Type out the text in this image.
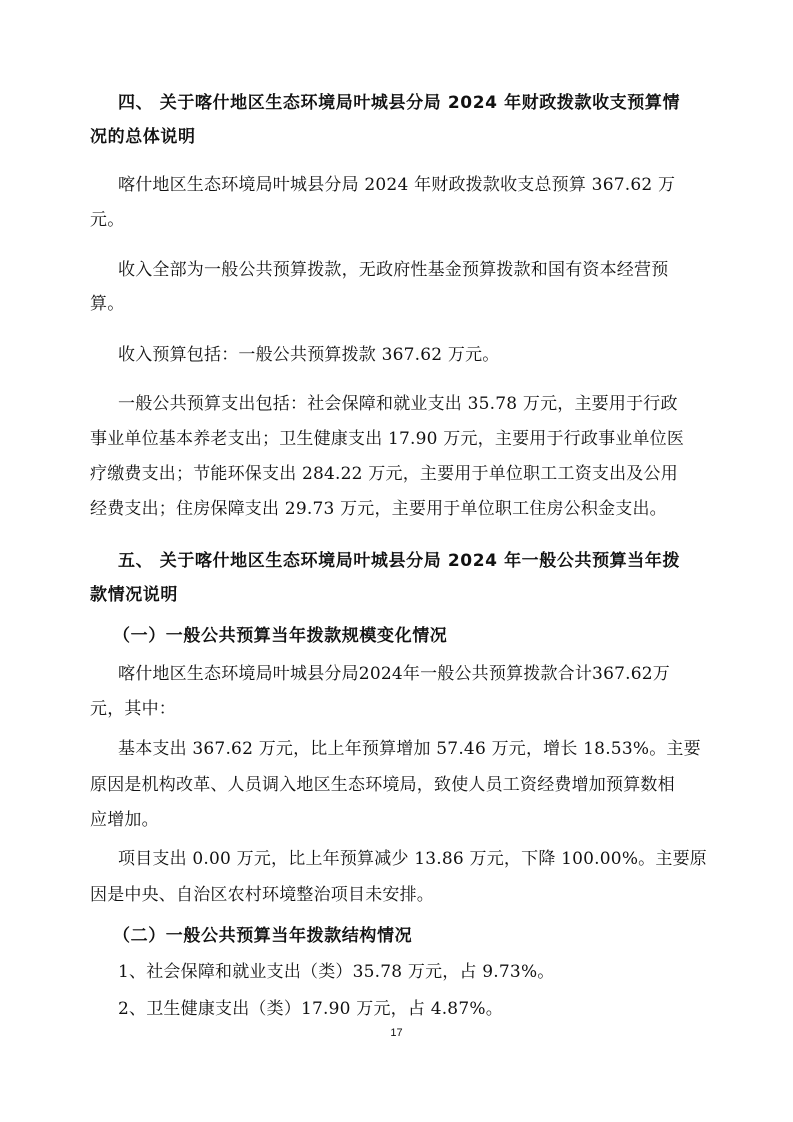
四、 关于喀什地区生态环境局叶城县分局 2024 年财政拨款收支预算情

况的总体说明

喀什地区生态环境局叶城县分局 2024 年财政拨款收支总预算 367.62 万

元。

收入全部为一般公共预算拨款，无政府性基金预算拨款和国有资本经营预

算。

收入预算包括：一般公共预算拨款 367.62 万元。

一般公共预算支出包括：社会保障和就业支出 35.78 万元，主要用于行政

事业单位基本养老支出；卫生健康支出 17.90 万元，主要用于行政事业单位医

疗缴费支出；节能环保支出 284.22 万元，主要用于单位职工工资支出及公用

经费支出；住房保障支出 29.73 万元，主要用于单位职工住房公积金支出。

五、 关于喀什地区生态环境局叶城县分局 2024 年一般公共预算当年拨

款情况说明

（一）一般公共预算当年拨款规模变化情况

喀什地区生态环境局叶城县分局2024年一般公共预算拨款合计367.62万

元，其中：

基本支出 367.62 万元，比上年预算增加 57.46 万元，增长 18.53%。主要

原因是机构改革、人员调入地区生态环境局，致使人员工资经费增加预算数相

应增加。

项目支出 0.00 万元，比上年预算减少 13.86 万元，下降 100.00%。主要原

因是中央、自治区农村环境整治项目未安排。

（二）一般公共预算当年拨款结构情况

1、社会保障和就业支出（类）35.78 万元，占 9.73%。

2、卫生健康支出（类）17.90 万元，占 4.87%。

17
